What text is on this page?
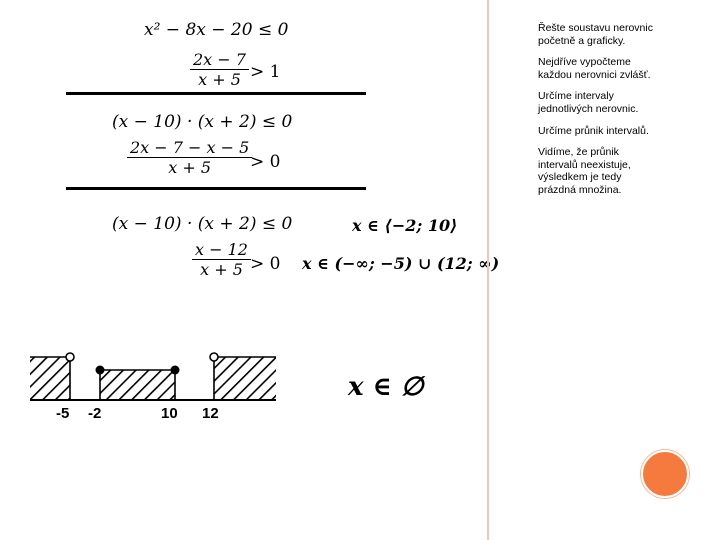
x² − 8x − 20 ≤ 0
$\frac{2x - 7}{x + 5} > 1$
(x − 10) · (x + 2) ≤ 0
$\frac{2x - 7 - x - 5}{x + 5}$
> 0
(x − 10) · (x + 2) ≤ 0
$\frac{x - 12}{x + 5} > 0$
x ∈ ⟨−2; 10⟩
x ∈ (−∞; −5) ∪ (12; ∞)
-5 -2	10 12
x ∈ ∅

Řešte soustavu nerovnic početně a graficky.

Nejdříve vypočteme každou nerovnici zvlášť.

Určíme intervaly jednotlivých nerovnic.

Určíme průnik intervalů.

Vidíme, že průnik intervalů neexistuje, výsledkem je tedy prázdná množina.
